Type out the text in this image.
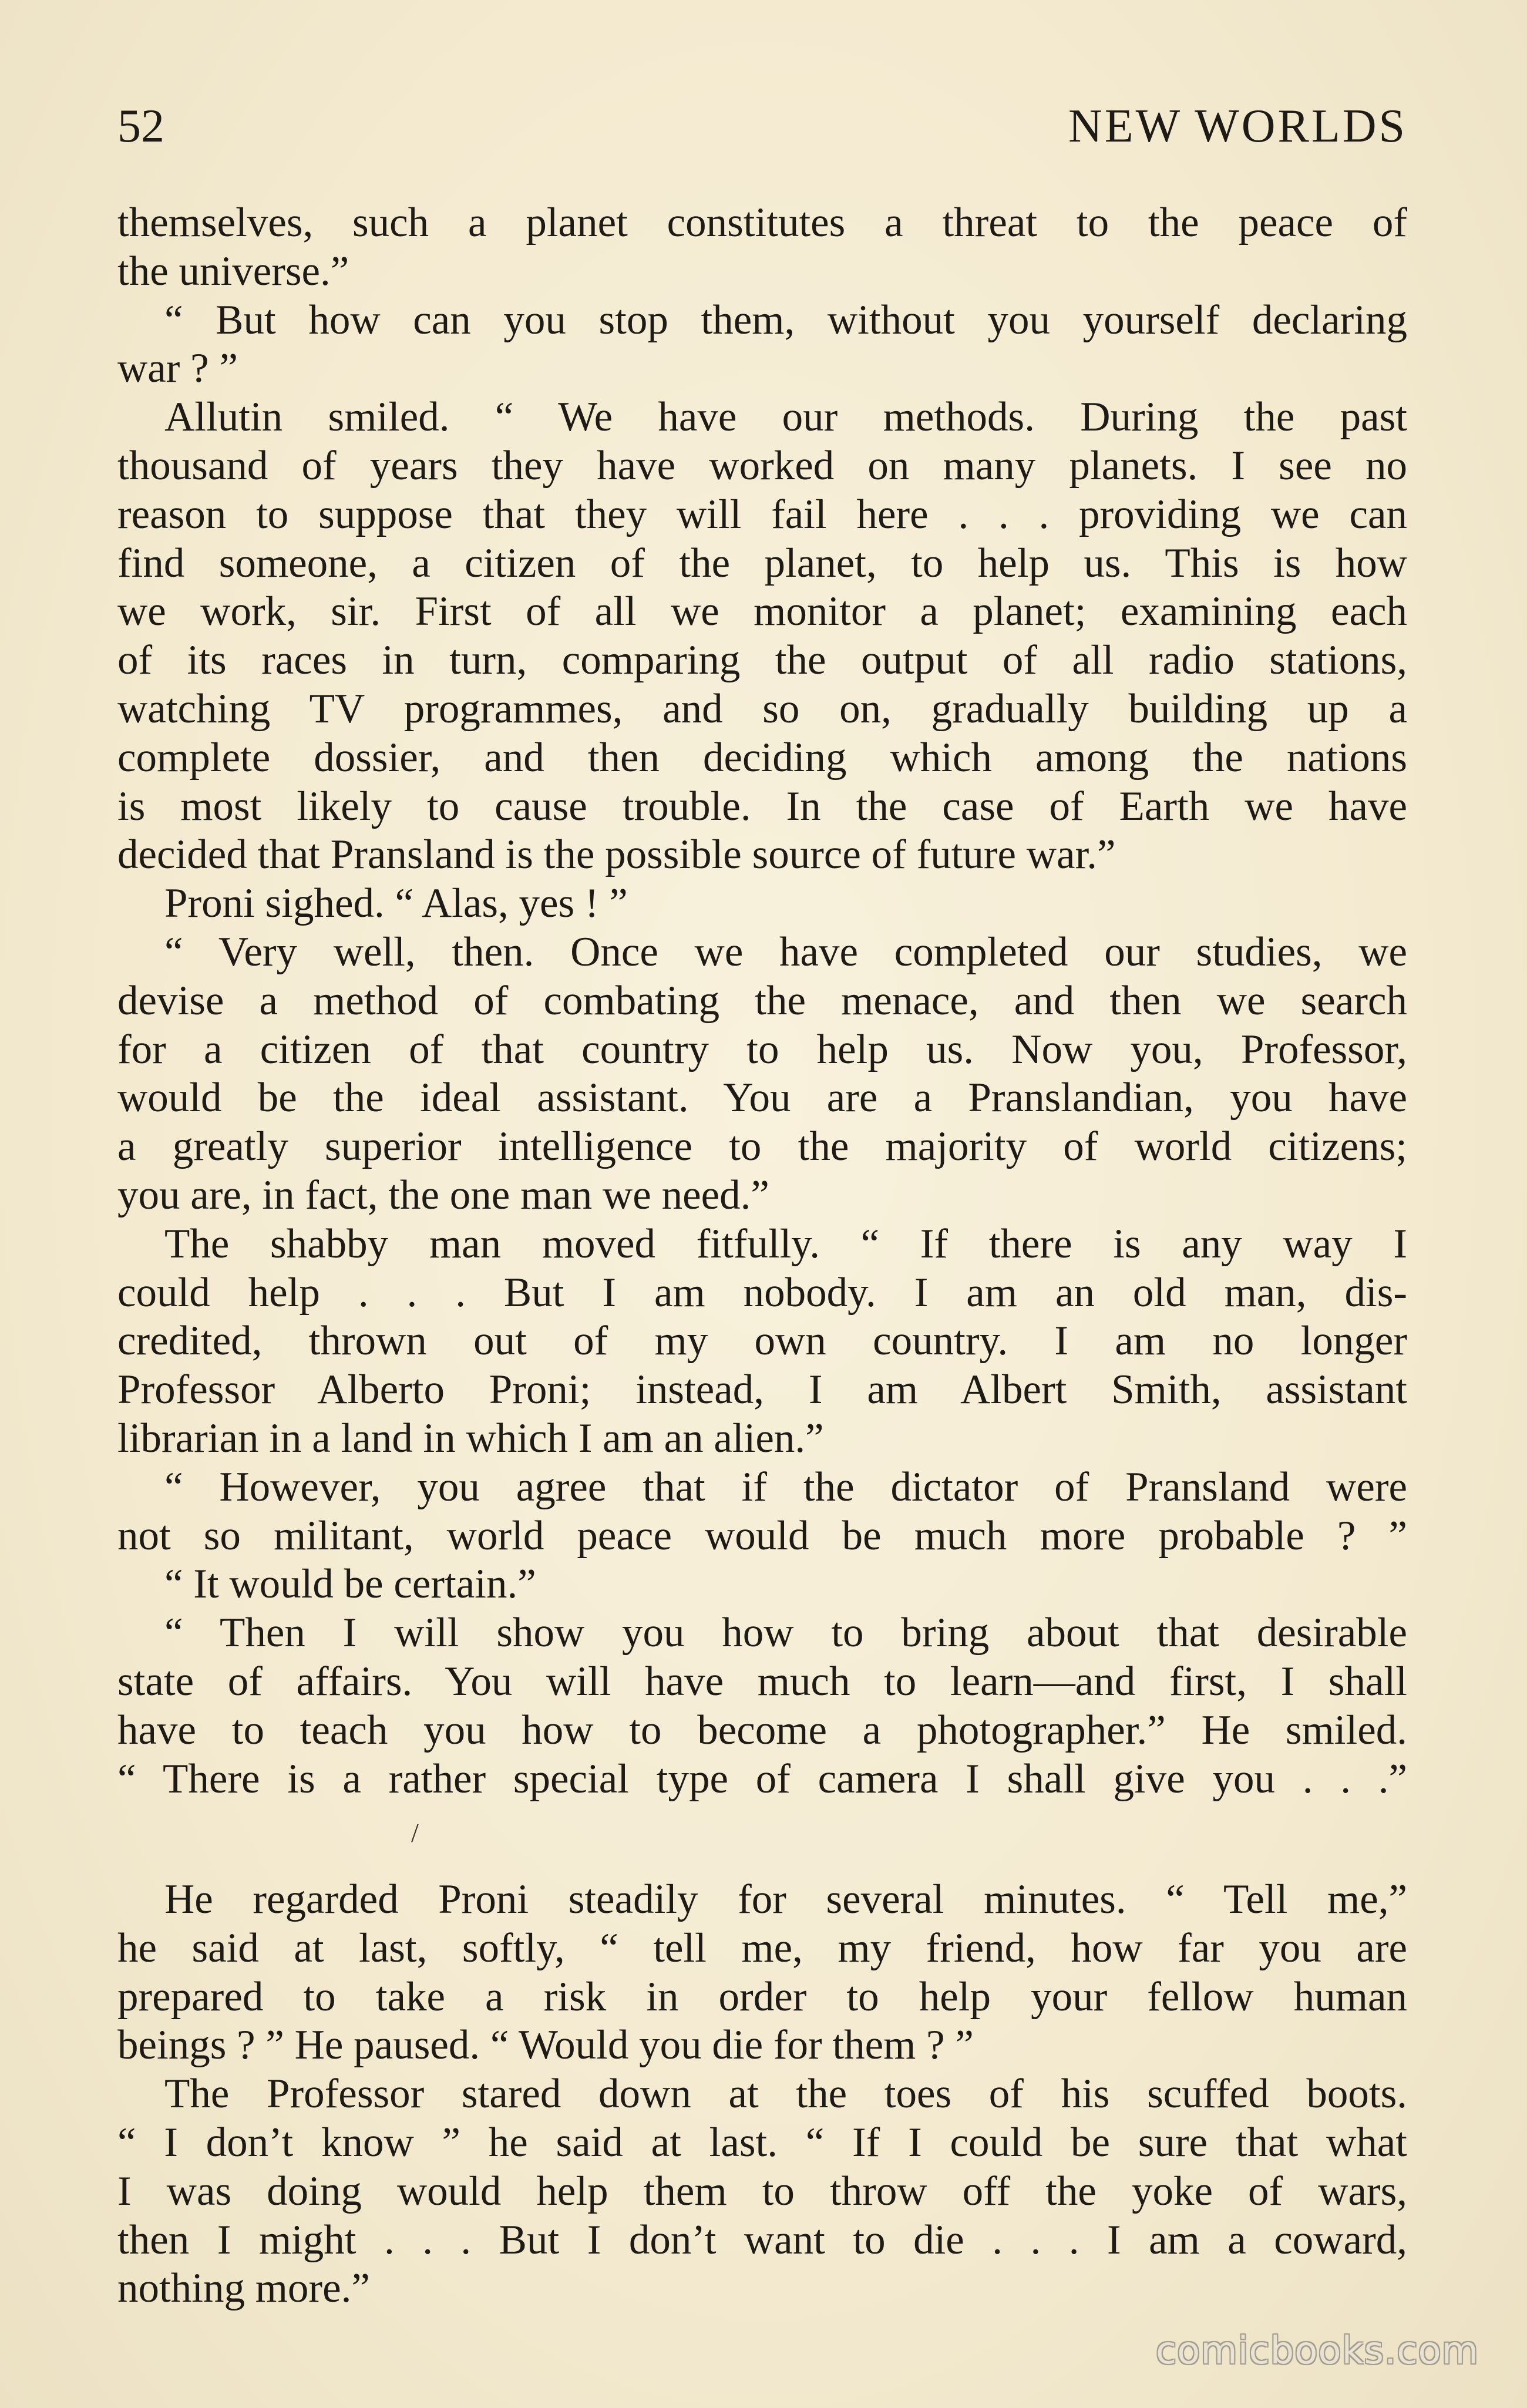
52	NEW WORLDS
themselves, such a planet constitutes a threat to the peace of
the universe.”
“ But how can you stop them, without you yourself declaring
war ? ”
Allutin smiled. “ We have our methods. During the past
thousand of years they have worked on many planets. I see no
reason to suppose that they will fail here . . . providing we can
find someone, a citizen of the planet, to help us. This is how
we work, sir. First of all we monitor a planet; examining each
of its races in turn, comparing the output of all radio stations,
watching TV programmes, and so on, gradually building up a
complete dossier, and then deciding which among the nations
is most likely to cause trouble. In the case of Earth we have
decided that Pransland is the possible source of future war.”
Proni sighed. “ Alas, yes ! ”
“ Very well, then. Once we have completed our studies, we
devise a method of combating the menace, and then we search
for a citizen of that country to help us. Now you, Professor,
would be the ideal assistant. You are a Pranslandian, you have
a greatly superior intelligence to the majority of world citizens;
you are, in fact, the one man we need.”
The shabby man moved fitfully. “ If there is any way I
could help . . . But I am nobody. I am an old man, dis-
credited, thrown out of my own country. I am no longer
Professor Alberto Proni; instead, I am Albert Smith, assistant
librarian in a land in which I am an alien.”
“ However, you agree that if the dictator of Pransland were
not so militant, world peace would be much more probable ? ”
“ It would be certain.”
“ Then I will show you how to bring about that desirable
state of affairs. You will have much to learn—and first, I shall
have to teach you how to become a photographer.” He smiled.
“ There is a rather special type of camera I shall give you . . .”
/
He regarded Proni steadily for several minutes. “ Tell me,”
he said at last, softly, “ tell me, my friend, how far you are
prepared to take a risk in order to help your fellow human
beings ? ” He paused. “ Would you die for them ? ”
The Professor stared down at the toes of his scuffed boots.
“ I don’t know ” he said at last. “ If I could be sure that what
I was doing would help them to throw off the yoke of wars,
then I might . . . But I don’t want to die . . . I am a coward,
nothing more.”
comicbooks.com
